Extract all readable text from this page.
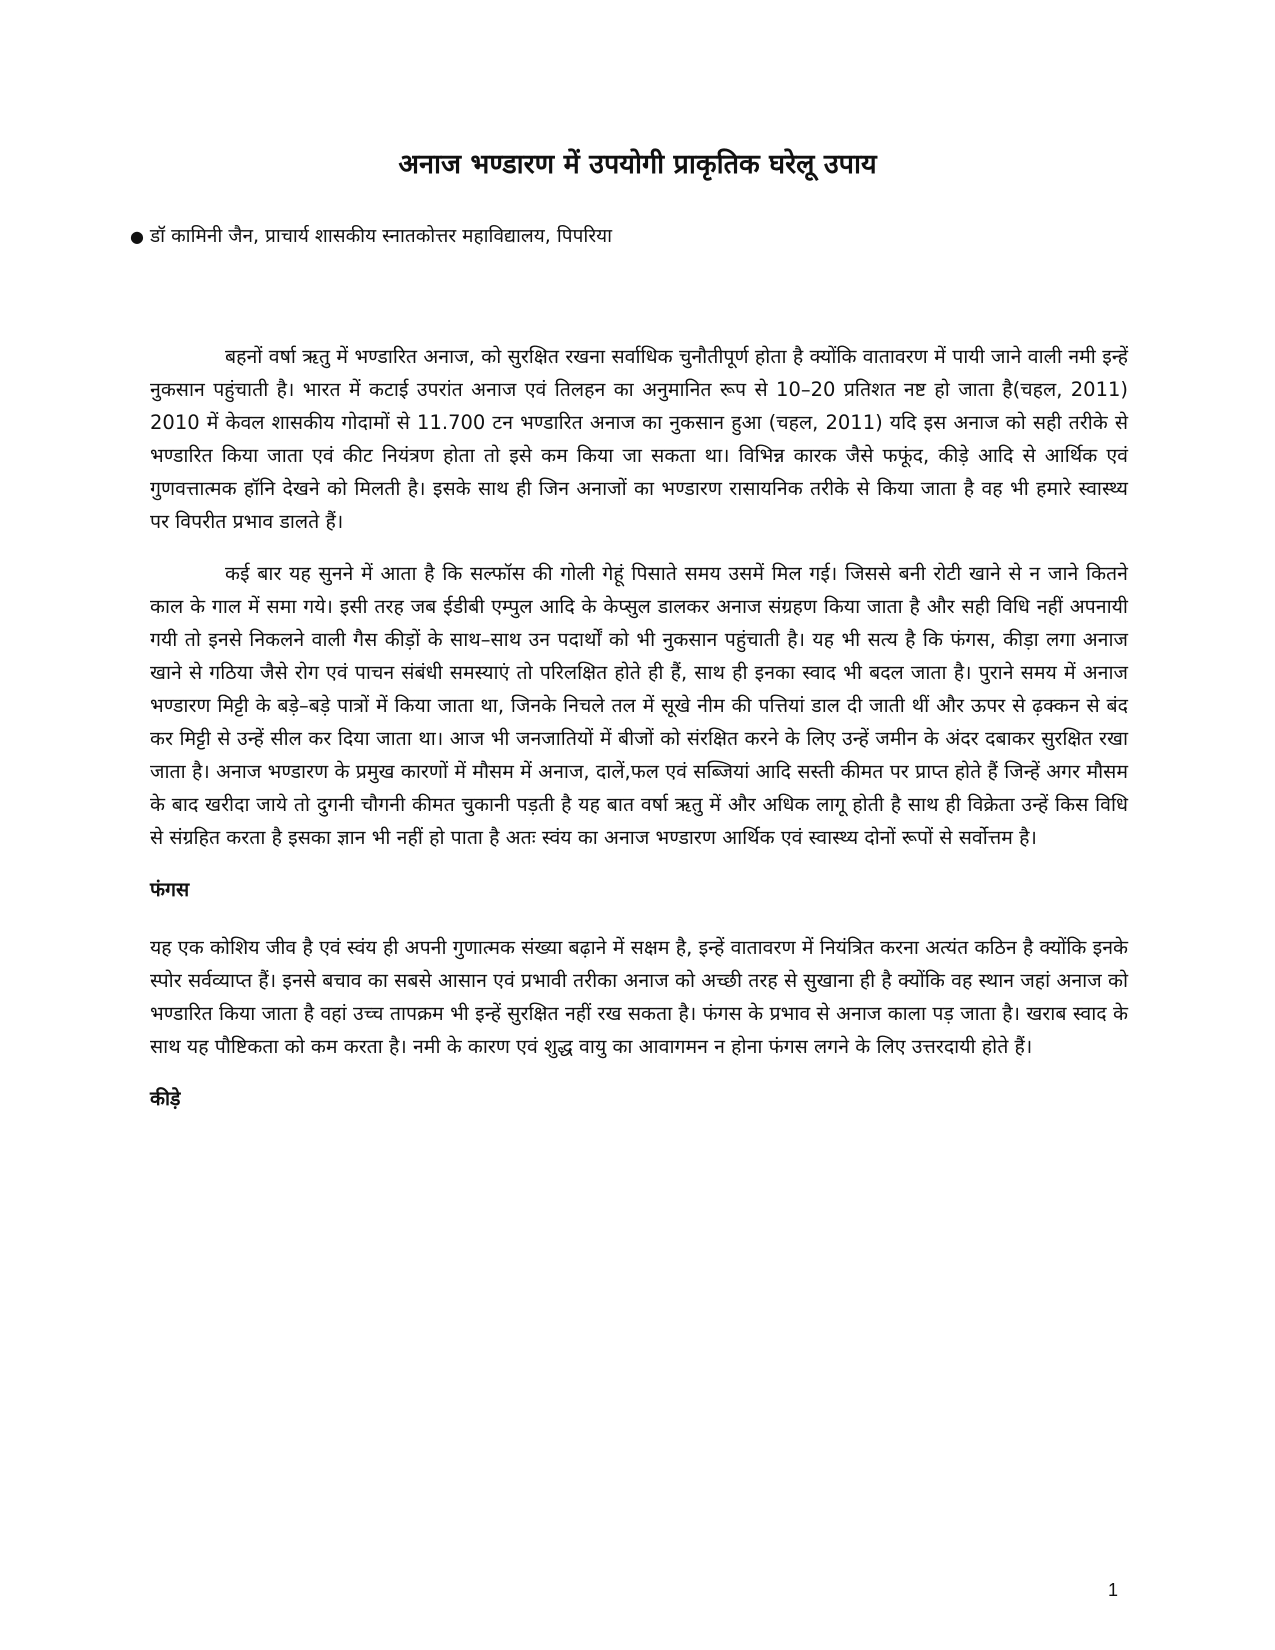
अनाज भण्डारण में उपयोगी प्राकृतिक घरेलू उपाय
● डॉ कामिनी जैन, प्राचार्य शासकीय स्नातकोत्तर महाविद्यालय, पिपरिया

बहनों वर्षा ऋतु में भण्डारित अनाज, को सुरक्षित रखना सर्वाधिक चुनौतीपूर्ण होता है क्योंकि वातावरण में पायी जाने वाली नमी इन्हें नुकसान पहुंचाती है। भारत में कटाई उपरांत अनाज एवं तिलहन का अनुमानित रूप से 10–20 प्रतिशत नष्ट हो जाता है(चहल, 2011) 2010 में केवल शासकीय गोदामों से 11.700 टन भण्डारित अनाज का नुकसान हुआ (चहल, 2011) यदि इस अनाज को सही तरीके से भण्डारित किया जाता एवं कीट नियंत्रण होता तो इसे कम किया जा सकता था। विभिन्न कारक जैसे फफूंद, कीड़े आदि से आर्थिक एवं गुणवत्तात्मक हॉनि देखने को मिलती है। इसके साथ ही जिन अनाजों का भण्डारण रासायनिक तरीके से किया जाता है वह भी हमारे स्वास्थ्य पर विपरीत प्रभाव डालते हैं।

कई बार यह सुनने में आता है कि सल्फॉस की गोली गेहूं पिसाते समय उसमें मिल गई। जिससे बनी रोटी खाने से न जाने कितने काल के गाल में समा गये। इसी तरह जब ईडीबी एम्पुल आदि के केप्सुल डालकर अनाज संग्रहण किया जाता है और सही विधि नहीं अपनायी गयी तो इनसे निकलने वाली गैस कीड़ों के साथ–साथ उन पदार्थों को भी नुकसान पहुंचाती है। यह भी सत्य है कि फंगस, कीड़ा लगा अनाज खाने से गठिया जैसे रोग एवं पाचन संबंधी समस्याएं तो परिलक्षित होते ही हैं, साथ ही इनका स्वाद भी बदल जाता है। पुराने समय में अनाज भण्डारण मिट्टी के बड़े–बड़े पात्रों में किया जाता था, जिनके निचले तल में सूखे नीम की पत्तियां डाल दी जाती थीं और ऊपर से ढ़क्कन से बंद कर मिट्टी से उन्हें सील कर दिया जाता था। आज भी जनजातियों में बीजों को संरक्षित करने के लिए उन्हें जमीन के अंदर दबाकर सुरक्षित रखा जाता है। अनाज भण्डारण के प्रमुख कारणों में मौसम में अनाज, दालें,फल एवं सब्जियां आदि सस्ती कीमत पर प्राप्त होते हैं जिन्हें अगर मौसम के बाद खरीदा जाये तो दुगनी चौगनी कीमत चुकानी पड़ती है यह बात वर्षा ऋतु में और अधिक लागू होती है साथ ही विक्रेता उन्हें किस विधि से संग्रहित करता है इसका ज्ञान भी नहीं हो पाता है अतः स्वंय का अनाज भण्डारण आर्थिक एवं स्वास्थ्य दोनों रूपों से सर्वोत्तम है।

फंगस

यह एक कोशिय जीव है एवं स्वंय ही अपनी गुणात्मक संख्या बढ़ाने में सक्षम है, इन्हें वातावरण में नियंत्रित करना अत्यंत कठिन है क्योंकि इनके स्पोर सर्वव्याप्त हैं। इनसे बचाव का सबसे आसान एवं प्रभावी तरीका अनाज को अच्छी तरह से सुखाना ही है क्योंकि वह स्थान जहां अनाज को भण्डारित किया जाता है वहां उच्च तापक्रम भी इन्हें सुरक्षित नहीं रख सकता है। फंगस के प्रभाव से अनाज काला पड़ जाता है। खराब स्वाद के साथ यह पौष्टिकता को कम करता है। नमी के कारण एवं शुद्ध वायु का आवागमन न होना फंगस लगने के लिए उत्तरदायी होते हैं।

कीड़े
1
